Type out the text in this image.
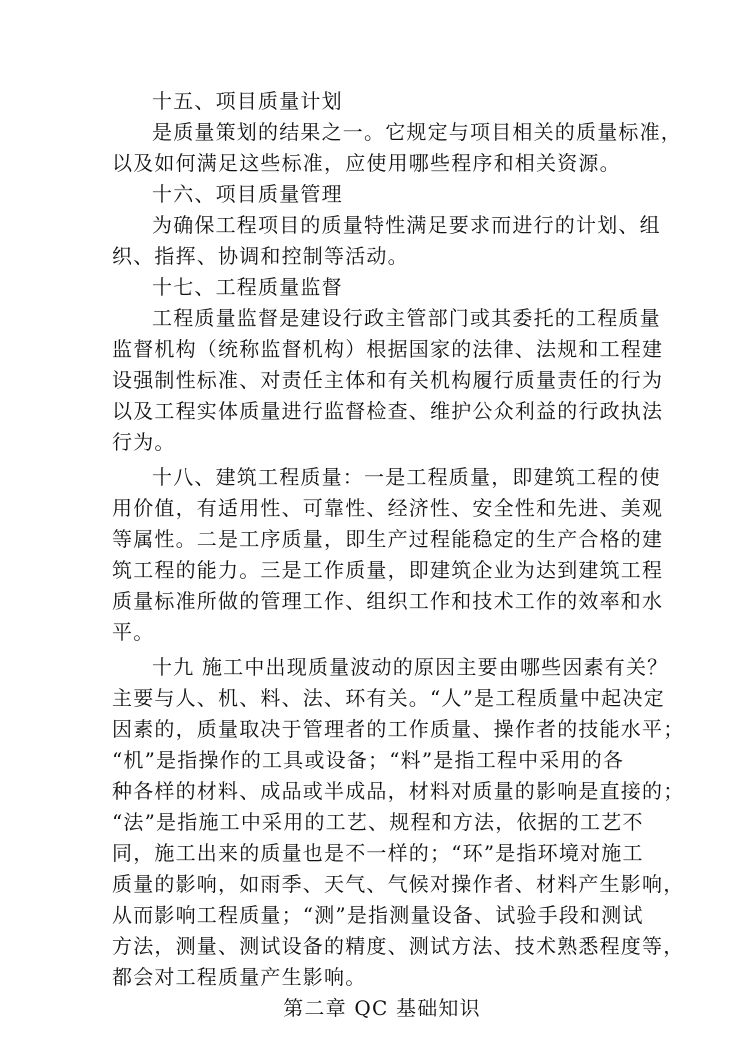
十五、项目质量计划

是质量策划的结果之一。它规定与项目相关的质量标准，

以及如何满足这些标准，应使用哪些程序和相关资源。

十六、项目质量管理

为确保工程项目的质量特性满足要求而进行的计划、组

织、指挥、协调和控制等活动。

十七、工程质量监督

工程质量监督是建设行政主管部门或其委托的工程质量

监督机构（统称监督机构）根据国家的法律、法规和工程建

设强制性标准、对责任主体和有关机构履行质量责任的行为

以及工程实体质量进行监督检查、维护公众利益的行政执法

行为。

十八、建筑工程质量：一是工程质量，即建筑工程的使

用价值，有适用性、可靠性、经济性、安全性和先进、美观

等属性。二是工序质量，即生产过程能稳定的生产合格的建

筑工程的能力。三是工作质量，即建筑企业为达到建筑工程

质量标准所做的管理工作、组织工作和技术工作的效率和水

平。

十九 施工中出现质量波动的原因主要由哪些因素有关？

主要与人、机、料、法、环有关。“人”是工程质量中起决定

因素的，质量取决于管理者的工作质量、操作者的技能水平；

“机”是指操作的工具或设备；“料”是指工程中采用的各

种各样的材料、成品或半成品，材料对质量的影响是直接的；

“法”是指施工中采用的工艺、规程和方法，依据的工艺不

同，施工出来的质量也是不一样的；“环”是指环境对施工

质量的影响，如雨季、天气、气候对操作者、材料产生影响，

从而影响工程质量；“测”是指测量设备、试验手段和测试

方法，测量、测试设备的精度、测试方法、技术熟悉程度等，

都会对工程质量产生影响。

第二章 QC 基础知识
